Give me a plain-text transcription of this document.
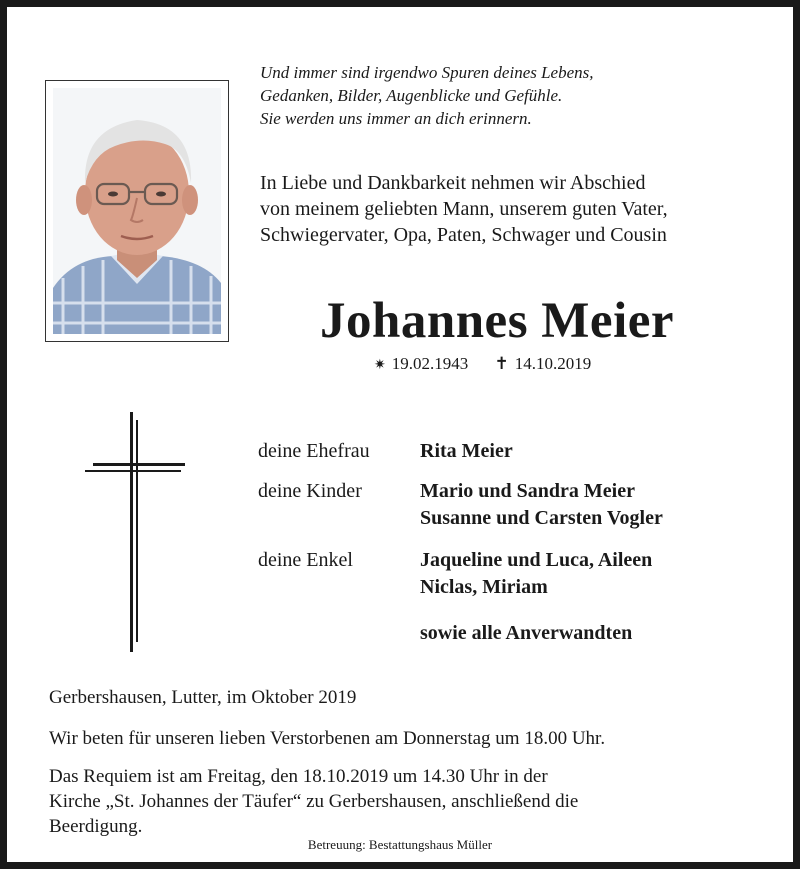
Und immer sind irgendwo Spuren deines Lebens,
Gedanken, Bilder, Augenblicke und Gefühle.
Sie werden uns immer an dich erinnern.
In Liebe und Dankbarkeit nehmen wir Abschied
von meinem geliebten Mann, unserem guten Vater,
Schwiegervater, Opa, Paten, Schwager und Cousin
Johannes Meier
✷ 19.02.1943 ✝ 14.10.2019
deine Ehefrau	Rita Meier
deine Kinder	Mario und Sandra Meier
Susanne und Carsten Vogler
deine Enkel	Jaqueline und Luca, Aileen
Niclas, Miriam
sowie alle Anverwandten
Gerbershausen, Lutter, im Oktober 2019
Wir beten für unseren lieben Verstorbenen am Donnerstag um 18.00 Uhr.
Das Requiem ist am Freitag, den 18.10.2019 um 14.30 Uhr in der
Kirche „St. Johannes der Täufer“ zu Gerbershausen, anschließend die
Beerdigung.
Betreuung: Bestattungshaus Müller
